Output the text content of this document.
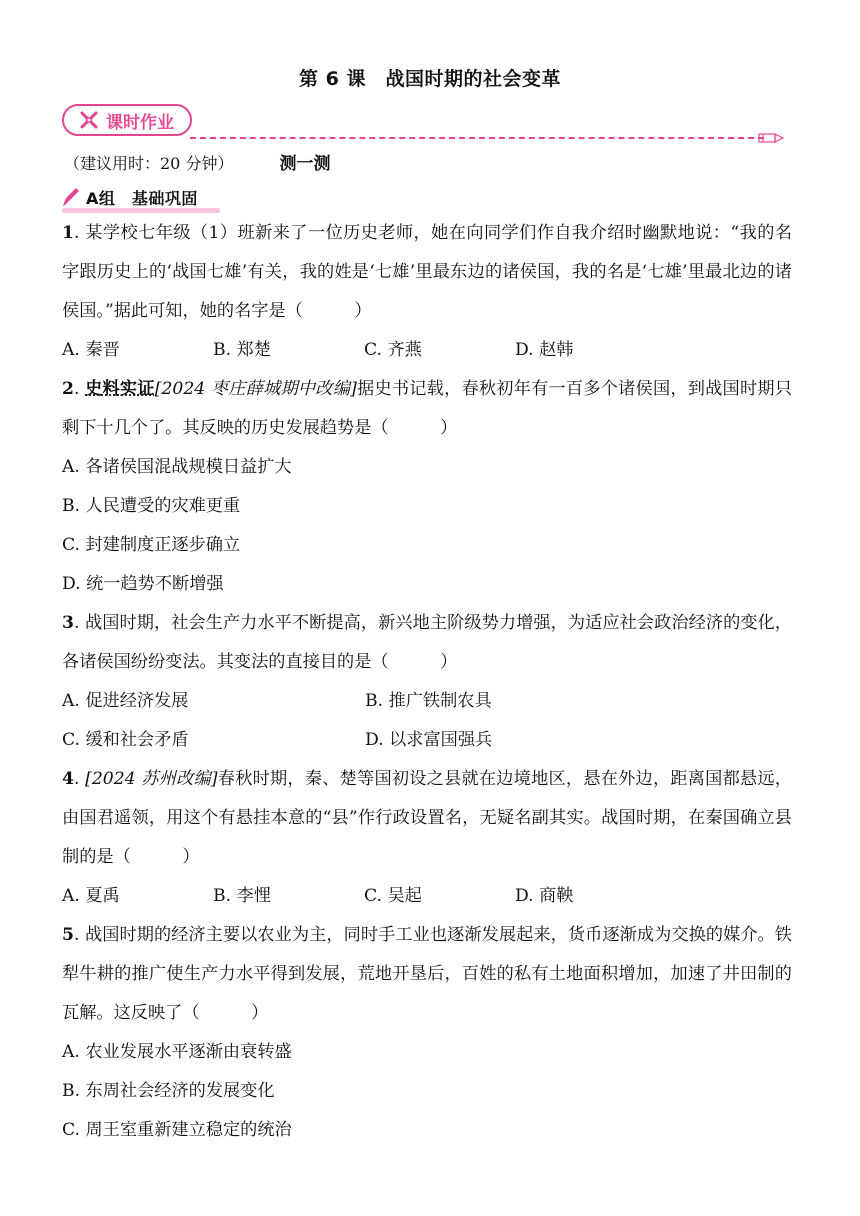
第 6 课　战国时期的社会变革
课时作业
（建议用时：20 分钟）	测一测
A组　基础巩固
1. 某学校七年级（1）班新来了一位历史老师，她在向同学们作自我介绍时幽默地说：“我的名字跟历史上的‘战国七雄’有关，我的姓是‘七雄’里最东边的诸侯国，我的名是‘七雄’里最北边的诸侯国。”据此可知，她的名字是（　　　）
A. 秦晋	B. 郑楚	C. 齐燕	D. 赵韩
2. 史料实证[2024 枣庄薛城期中改编]据史书记载，春秋初年有一百多个诸侯国，到战国时期只剩下十几个了。其反映的历史发展趋势是（　　　）
A. 各诸侯国混战规模日益扩大
B. 人民遭受的灾难更重
C. 封建制度正逐步确立
D. 统一趋势不断增强
3. 战国时期，社会生产力水平不断提高，新兴地主阶级势力增强，为适应社会政治经济的变化，各诸侯国纷纷变法。其变法的直接目的是（　　　）
A. 促进经济发展	B. 推广铁制农具
C. 缓和社会矛盾	D. 以求富国强兵
4. [2024 苏州改编]春秋时期，秦、楚等国初设之县就在边境地区，悬在外边，距离国都悬远，由国君遥领，用这个有悬挂本意的“县”作行政设置名，无疑名副其实。战国时期，在秦国确立县制的是（　　　）
A. 夏禹	B. 李悝	C. 吴起	D. 商鞅
5. 战国时期的经济主要以农业为主，同时手工业也逐渐发展起来，货币逐渐成为交换的媒介。铁犁牛耕的推广使生产力水平得到发展，荒地开垦后，百姓的私有土地面积增加，加速了井田制的瓦解。这反映了（　　　）
A. 农业发展水平逐渐由衰转盛
B. 东周社会经济的发展变化
C. 周王室重新建立稳定的统治
